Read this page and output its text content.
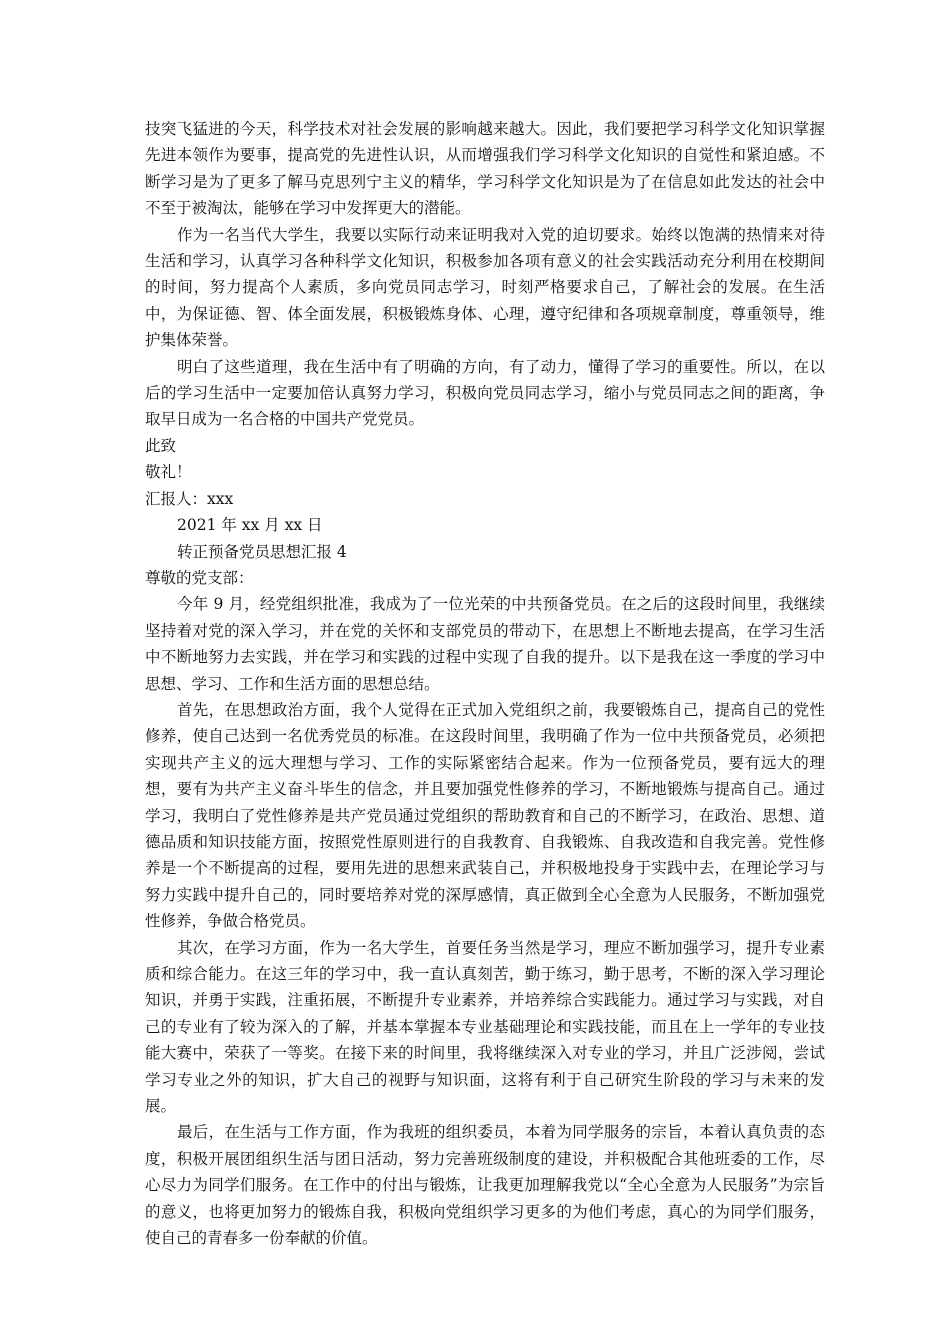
技突飞猛进的今天，科学技术对社会发展的影响越来越大。因此，我们要把学习科学文化知识掌握先进本领作为要事，提高党的先进性认识，从而增强我们学习科学文化知识的自觉性和紧迫感。不断学习是为了更多了解马克思列宁主义的精华，学习科学文化知识是为了在信息如此发达的社会中不至于被淘汰，能够在学习中发挥更大的潜能。

作为一名当代大学生，我要以实际行动来证明我对入党的迫切要求。始终以饱满的热情来对待生活和学习，认真学习各种科学文化知识，积极参加各项有意义的社会实践活动充分利用在校期间的时间，努力提高个人素质，多向党员同志学习，时刻严格要求自己，了解社会的发展。在生活中，为保证德、智、体全面发展，积极锻炼身体、心理，遵守纪律和各项规章制度，尊重领导，维护集体荣誉。

明白了这些道理，我在生活中有了明确的方向，有了动力，懂得了学习的重要性。所以，在以后的学习生活中一定要加倍认真努力学习，积极向党员同志学习，缩小与党员同志之间的距离，争取早日成为一名合格的中国共产党党员。

此致

敬礼！

汇报人：xxx

2021 年 xx 月 xx 日

转正预备党员思想汇报 4

尊敬的党支部：

今年 9 月，经党组织批准，我成为了一位光荣的中共预备党员。在之后的这段时间里，我继续坚持着对党的深入学习，并在党的关怀和支部党员的带动下，在思想上不断地去提高，在学习生活中不断地努力去实践，并在学习和实践的过程中实现了自我的提升。以下是我在这一季度的学习中思想、学习、工作和生活方面的思想总结。

首先，在思想政治方面，我个人觉得在正式加入党组织之前，我要锻炼自己，提高自己的党性修养，使自己达到一名优秀党员的标准。在这段时间里，我明确了作为一位中共预备党员，必须把实现共产主义的远大理想与学习、工作的实际紧密结合起来。作为一位预备党员，要有远大的理想，要有为共产主义奋斗毕生的信念，并且要加强党性修养的学习，不断地锻炼与提高自己。通过学习，我明白了党性修养是共产党员通过党组织的帮助教育和自己的不断学习，在政治、思想、道德品质和知识技能方面，按照党性原则进行的自我教育、自我锻炼、自我改造和自我完善。党性修养是一个不断提高的过程，要用先进的思想来武装自己，并积极地投身于实践中去，在理论学习与努力实践中提升自己的，同时要培养对党的深厚感情，真正做到全心全意为人民服务，不断加强党性修养，争做合格党员。

其次，在学习方面，作为一名大学生，首要任务当然是学习，理应不断加强学习，提升专业素质和综合能力。在这三年的学习中，我一直认真刻苦，勤于练习，勤于思考，不断的深入学习理论知识，并勇于实践，注重拓展，不断提升专业素养，并培养综合实践能力。通过学习与实践，对自己的专业有了较为深入的了解，并基本掌握本专业基础理论和实践技能，而且在上一学年的专业技能大赛中，荣获了一等奖。在接下来的时间里，我将继续深入对专业的学习，并且广泛涉阅，尝试学习专业之外的知识，扩大自己的视野与知识面，这将有利于自己研究生阶段的学习与未来的发展。

最后，在生活与工作方面，作为我班的组织委员，本着为同学服务的宗旨，本着认真负责的态度，积极开展团组织生活与团日活动，努力完善班级制度的建设，并积极配合其他班委的工作，尽心尽力为同学们服务。在工作中的付出与锻炼，让我更加理解我党以“全心全意为人民服务”为宗旨的意义，也将更加努力的锻炼自我，积极向党组织学习更多的为他们考虑，真心的为同学们服务，使自己的青春多一份奉献的价值。
